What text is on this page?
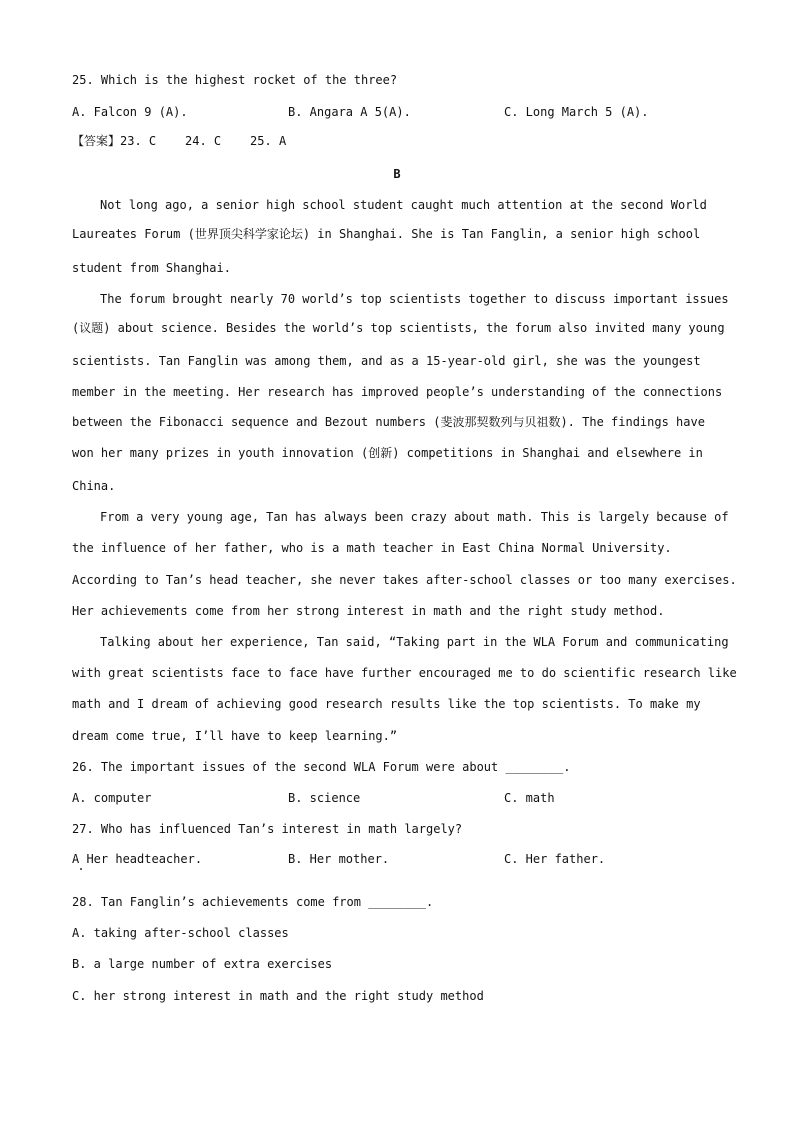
25. Which is the highest rocket of the three?
A. Falcon 9 (A).	B. Angara A 5(A).	C. Long March 5 (A).
【答案】23. C    24. C    25. A
B
Not long ago, a senior high school student caught much attention at the second World
Laureates Forum (世界顶尖科学家论坛) in Shanghai. She is Tan Fanglin, a senior high school
student from Shanghai.
The forum brought nearly 70 world’s top scientists together to discuss important issues
(议题) about science. Besides the world’s top scientists, the forum also invited many young
scientists. Tan Fanglin was among them, and as a 15-year-old girl, she was the youngest
member in the meeting. Her research has improved people’s understanding of the connections
between the Fibonacci sequence and Bezout numbers (斐波那契数列与贝祖数). The findings have
won her many prizes in youth innovation (创新) competitions in Shanghai and elsewhere in
China.
From a very young age, Tan has always been crazy about math. This is largely because of
the influence of her father, who is a math teacher in East China Normal University.
According to Tan’s head teacher, she never takes after-school classes or too many exercises.
Her achievements come from her strong interest in math and the right study method.
Talking about her experience, Tan said, “Taking part in the WLA Forum and communicating
with great scientists face to face have further encouraged me to do scientific research like
math and I dream of achieving good research results like the top scientists. To make my
dream come true, I’ll have to keep learning.”
26. The important issues of the second WLA Forum were about ________.
A. computer	B. science	C. math
27. Who has influenced Tan’s interest in math largely?
A Her headteacher.	B. Her mother.	C. Her father.
28. Tan Fanglin’s achievements come from ________.
A. taking after-school classes
B. a large number of extra exercises
C. her strong interest in math and the right study method
